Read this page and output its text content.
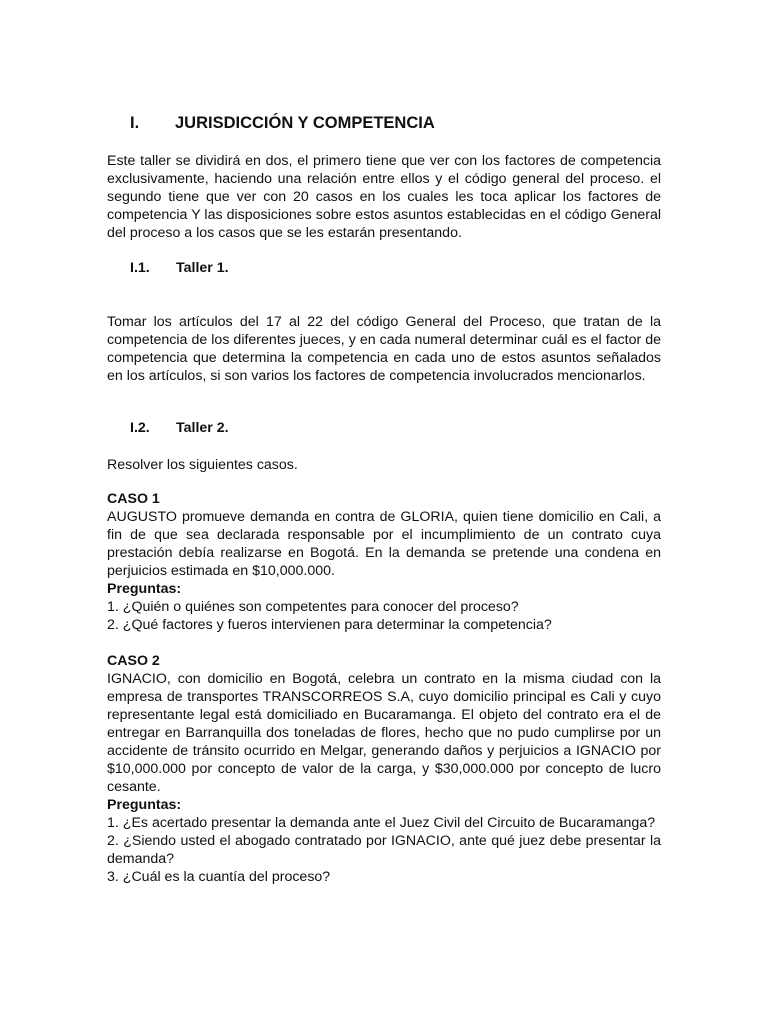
I. JURISDICCIÓN Y COMPETENCIA

Este taller se dividirá en dos, el primero tiene que ver con los factores de competencia exclusivamente, haciendo una relación entre ellos y el código general del proceso. el segundo tiene que ver con 20 casos en los cuales les toca aplicar los factores de competencia Y las disposiciones sobre estos asuntos establecidas en el código General del proceso a los casos que se les estarán presentando.

I.1. Taller 1.

Tomar los artículos del 17 al 22 del código General del Proceso, que tratan de la competencia de los diferentes jueces, y en cada numeral determinar cuál es el factor de competencia que determina la competencia en cada uno de estos asuntos señalados en los artículos, si son varios los factores de competencia involucrados mencionarlos.

I.2. Taller 2.

Resolver los siguientes casos.

CASO 1

AUGUSTO promueve demanda en contra de GLORIA, quien tiene domicilio en Cali, a fin de que sea declarada responsable por el incumplimiento de un contrato cuya prestación debía realizarse en Bogotá. En la demanda se pretende una condena en perjuicios estimada en $10,000.000.

Preguntas:

1. ¿Quién o quiénes son competentes para conocer del proceso?

2. ¿Qué factores y fueros intervienen para determinar la competencia?

CASO 2

IGNACIO, con domicilio en Bogotá, celebra un contrato en la misma ciudad con la empresa de transportes TRANSCORREOS S.A, cuyo domicilio principal es Cali y cuyo representante legal está domiciliado en Bucaramanga. El objeto del contrato era el de entregar en Barranquilla dos toneladas de flores, hecho que no pudo cumplirse por un accidente de tránsito ocurrido en Melgar, generando daños y perjuicios a IGNACIO por $10,000.000 por concepto de valor de la carga, y $30,000.000 por concepto de lucro cesante.

Preguntas:

1. ¿Es acertado presentar la demanda ante el Juez Civil del Circuito de Bucaramanga?

2. ¿Siendo usted el abogado contratado por IGNACIO, ante qué juez debe presentar la demanda?

3. ¿Cuál es la cuantía del proceso?
